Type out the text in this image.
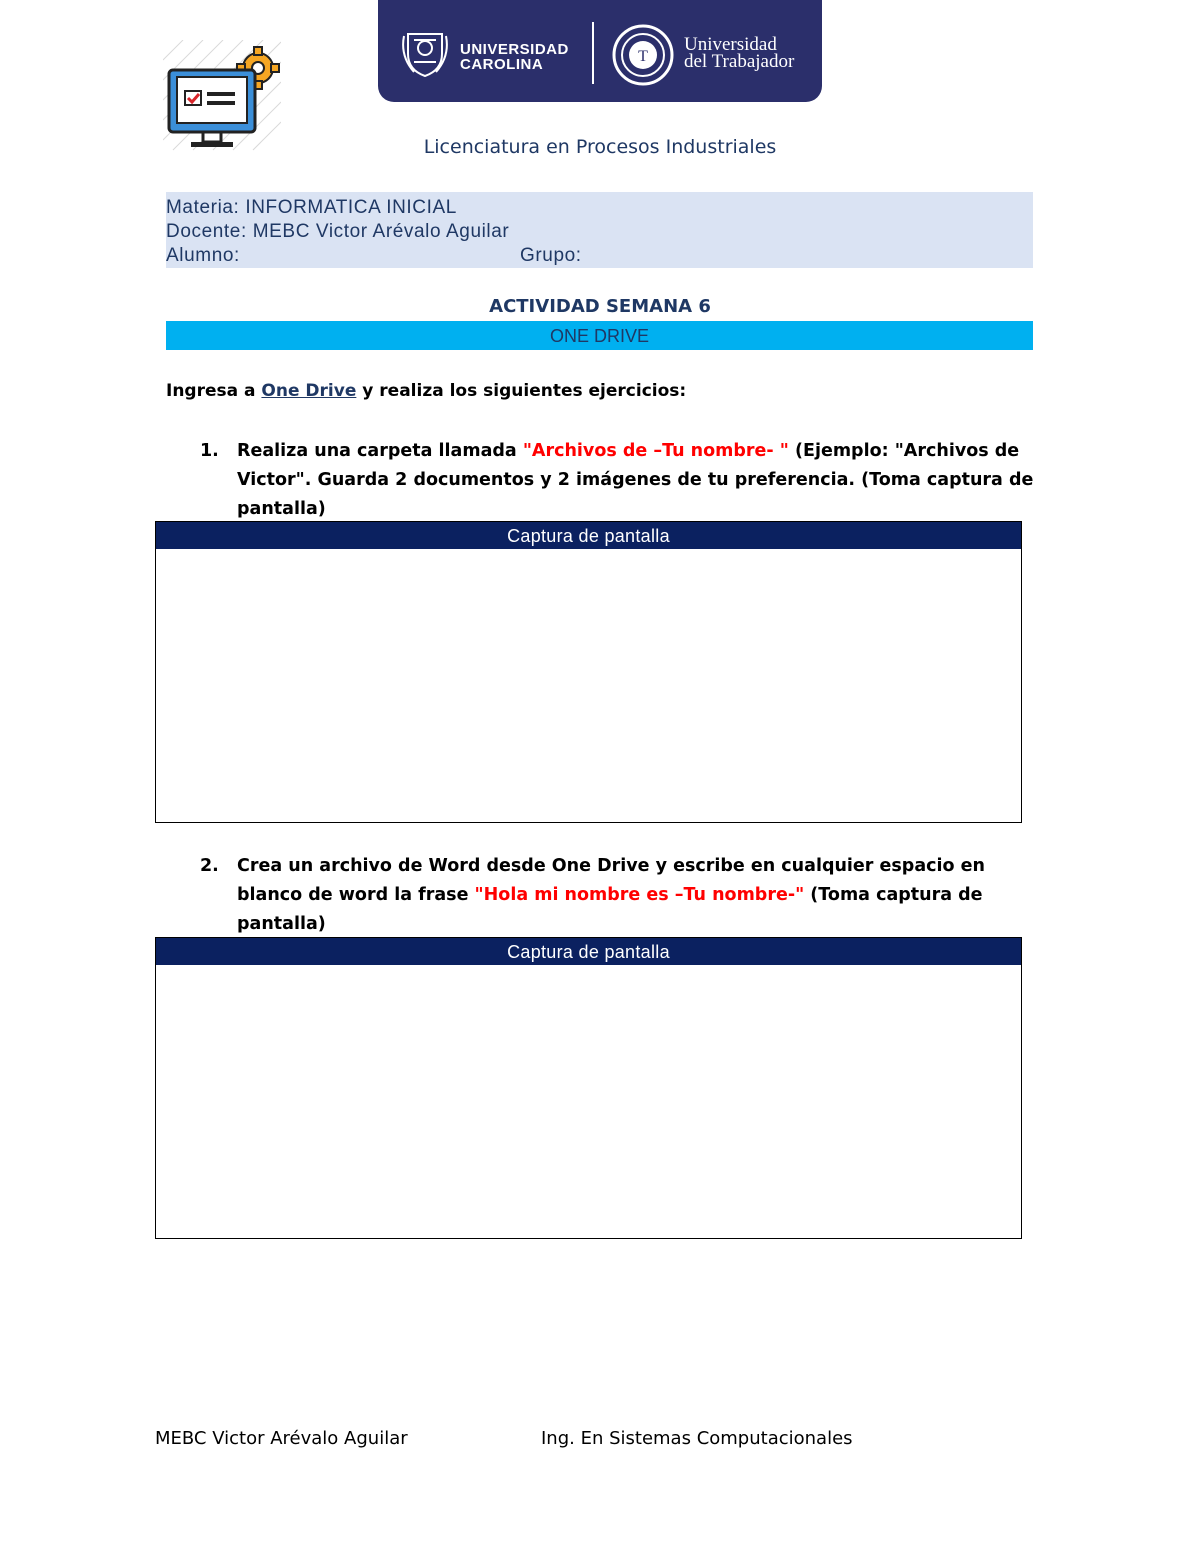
UNIVERSIDAD
CAROLINA	T
Universidad
del Trabajador
Licenciatura en Procesos Industriales
Materia: INFORMATICA INICIAL
Docente: MEBC Victor Arévalo Aguilar
Alumno:	Grupo:
ACTIVIDAD SEMANA 6
ONE DRIVE
Ingresa a One Drive y realiza los siguientes ejercicios:
1. Realiza una carpeta llamada "Archivos de –Tu nombre- " (Ejemplo: "Archivos de Victor". Guarda 2 documentos y 2 imágenes de tu preferencia. (Toma captura de pantalla)
Captura de pantalla
2. Crea un archivo de Word desde One Drive y escribe en cualquier espacio en blanco de word la frase "Hola mi nombre es –Tu nombre-" (Toma captura de pantalla)
Captura de pantalla
MEBC Victor Arévalo Aguilar	Ing. En Sistemas Computacionales
